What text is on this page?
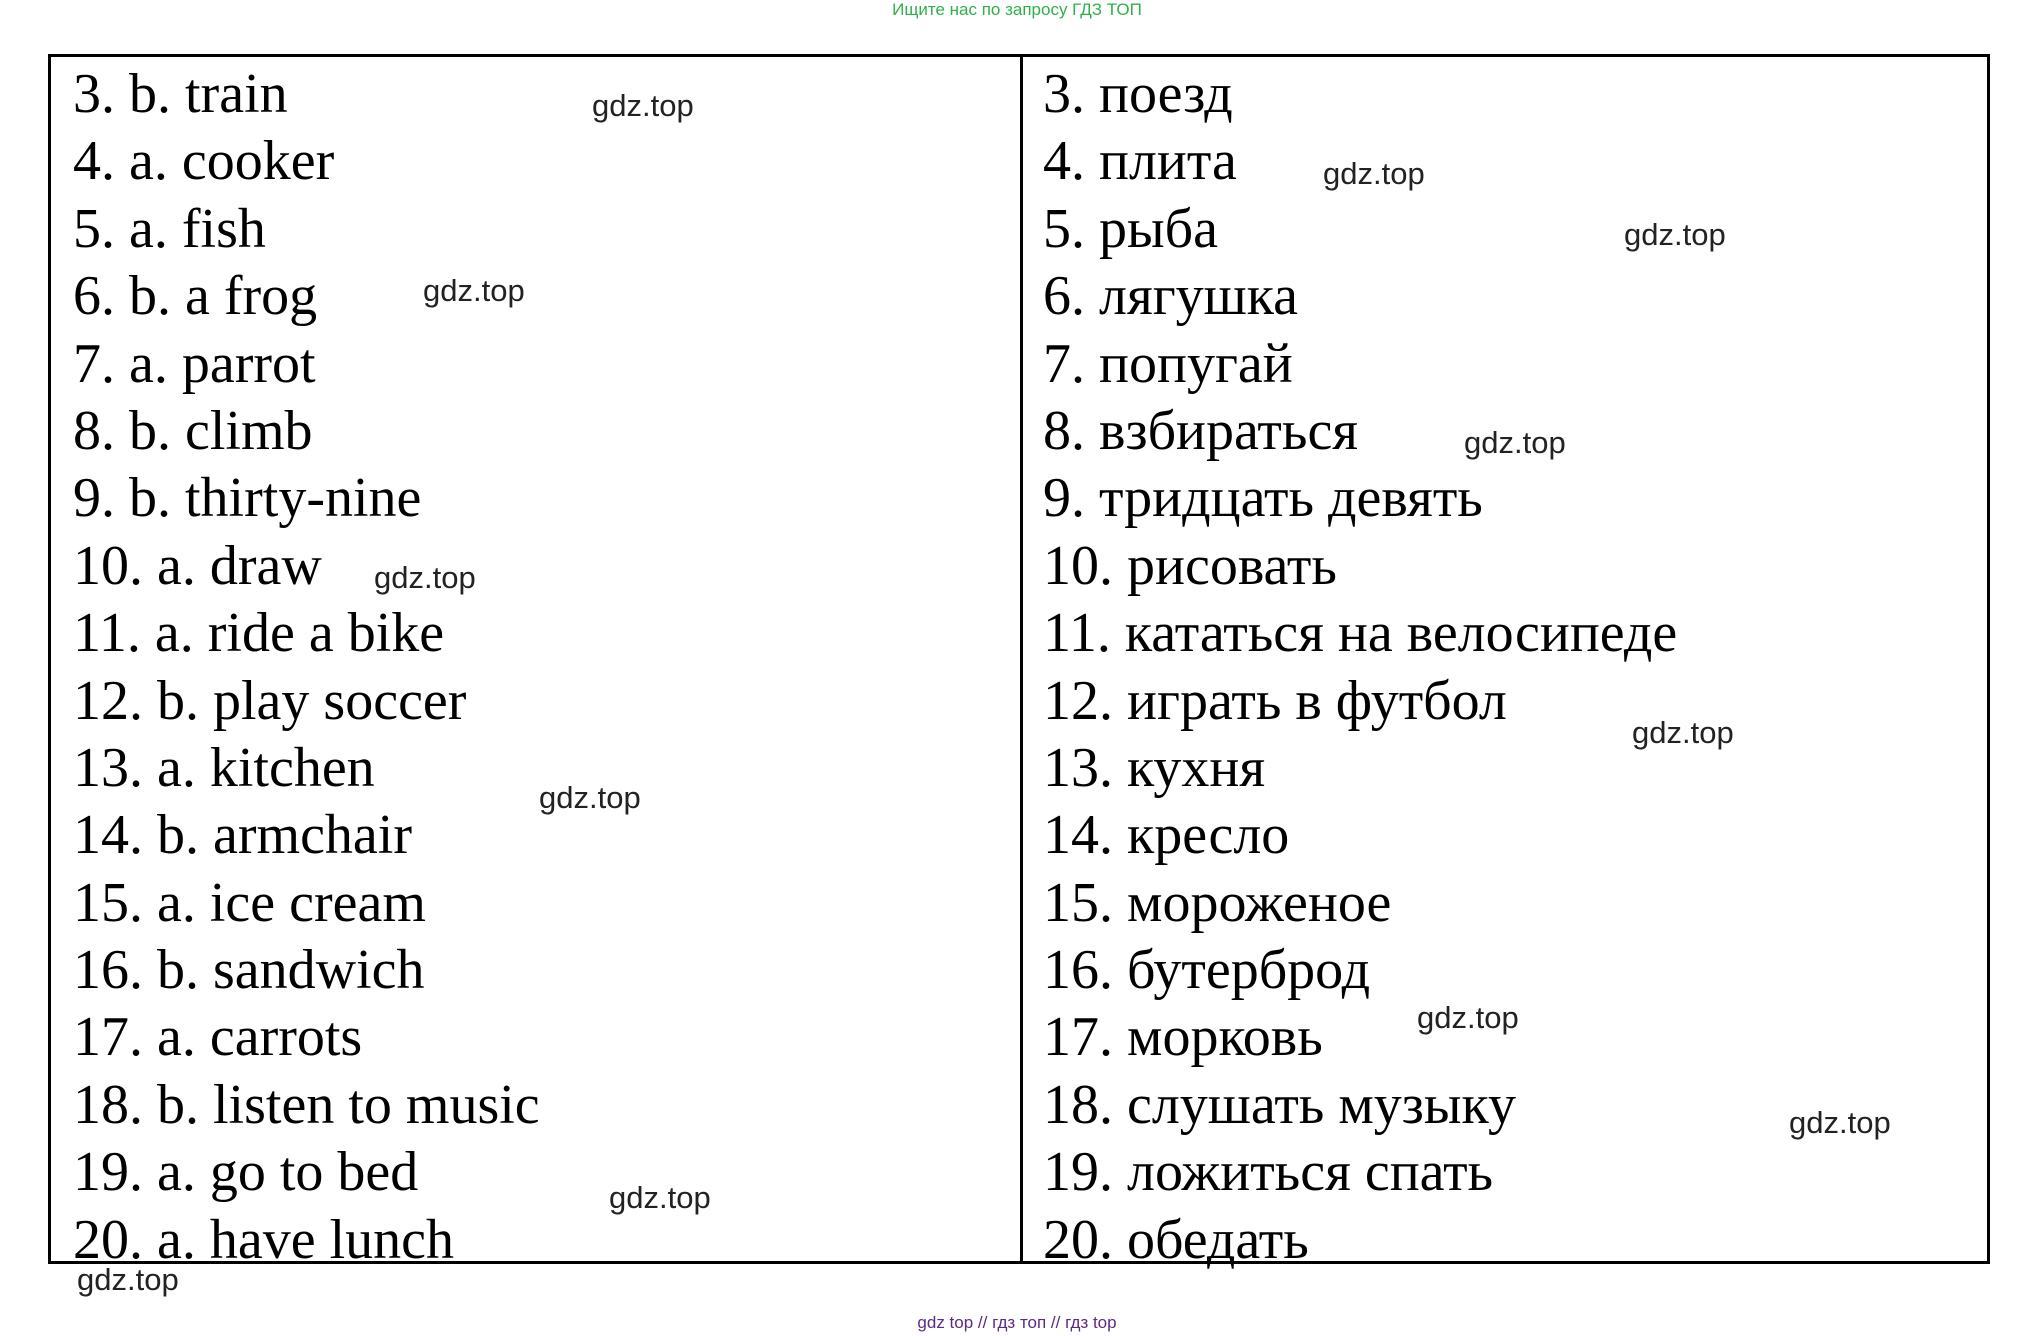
Ищите нас по запросу ГДЗ ТОП
3. b. train
4. a. cooker
5. a. fish
6. b. a frog
7. a. parrot
8. b. climb
9. b. thirty-nine
10. a. draw
11. a. ride a bike
12. b. play soccer
13. a. kitchen
14. b. armchair
15. a. ice cream
16. b. sandwich
17. a. carrots
18. b. listen to music
19. a. go to bed
20. a. have lunch
3. поезд
4. плита
5. рыба
6. лягушка
7. попугай
8. взбираться
9. тридцать девять
10. рисовать
11. кататься на велосипеде
12. играть в футбол
13. кухня
14. кресло
15. мороженое
16. бутерброд
17. морковь
18. слушать музыку
19. ложиться спать
20. обедать
gdz.top
gdz.top
gdz.top
gdz.top
gdz.top
gdz.top
gdz.top
gdz.top
gdz.top
gdz.top
gdz.top
gdz.top
gdz top // гдз топ // гдз top
